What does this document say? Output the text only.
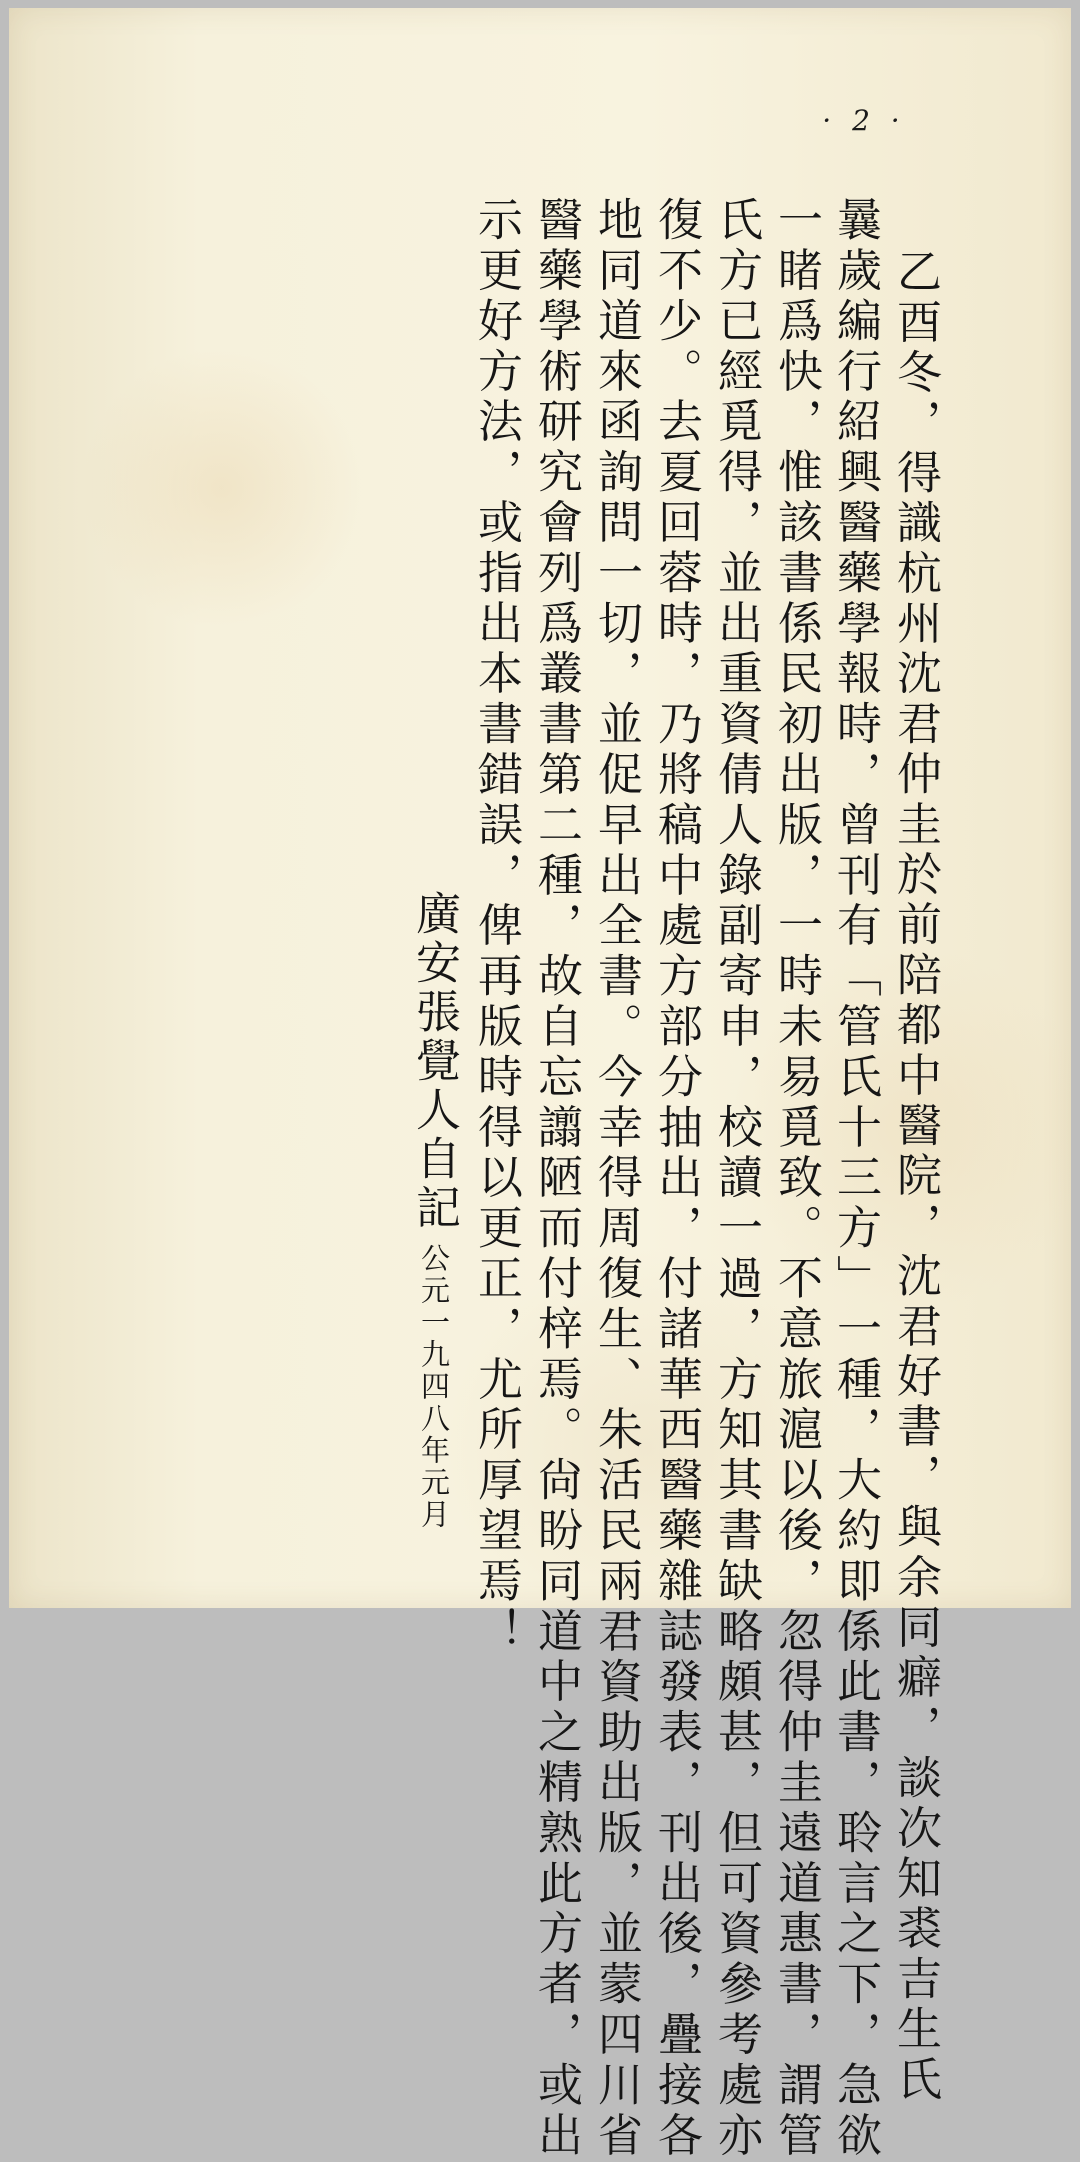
· 2 ·
乙酉冬，得識杭州沈君仲圭於前陪都中醫院，沈君好書，與余同癖，談次知裘吉生氏
曩歲編行紹興醫藥學報時，曾刊有「管氏十三方」一種，大約即係此書，聆言之下，急欲
一睹爲快，惟該書係民初出版，一時未易覓致。不意旅滬以後，忽得仲圭遠道惠書，謂管
氏方已經覓得，並出重資倩人錄副寄申，校讀一過，方知其書缺略頗甚，但可資參考處亦
復不少。去夏回蓉時，乃將稿中處方部分抽出，付諸華西醫藥雜誌發表，刊出後，疊接各
地同道來函詢問一切，並促早出全書。今幸得周復生、朱活民兩君資助出版，並蒙四川省
醫藥學術研究會列爲叢書第二種，故自忘譾陋而付梓焉。尙盼同道中之精熟此方者，或出
示更好方法，或指出本書錯誤，俾再版時得以更正，尤所厚望焉！
廣安張覺人自記公元一九四八年元月
